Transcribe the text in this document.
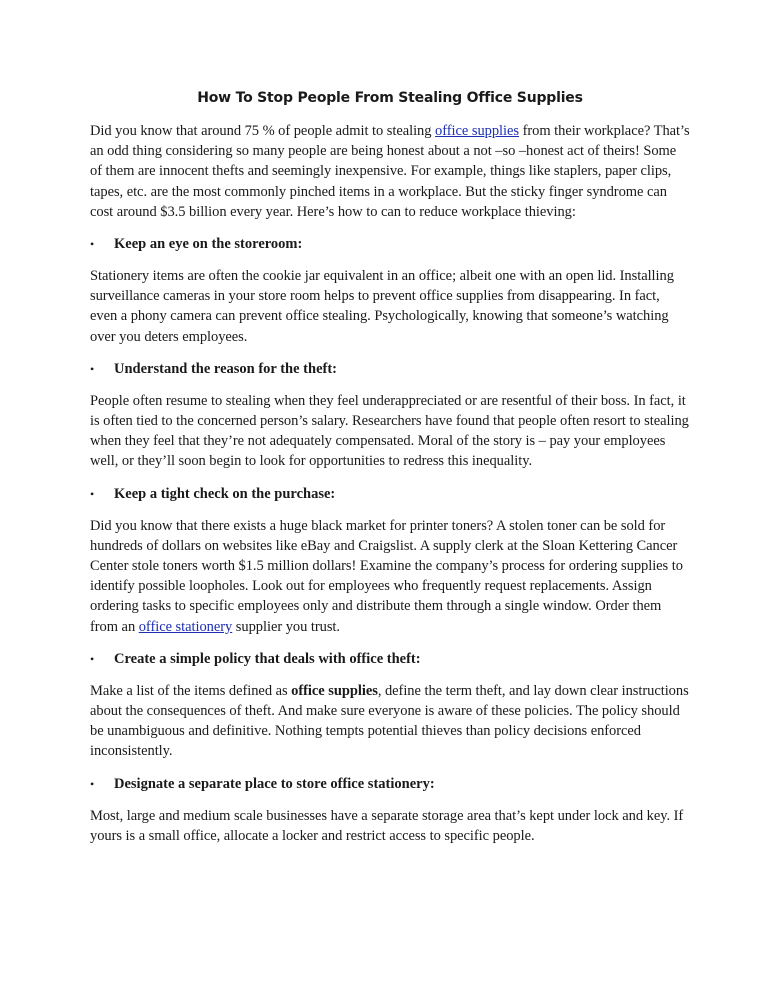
How To Stop People From Stealing Office Supplies

Did you know that around 75 % of people admit to stealing office supplies from their workplace? That’s an odd thing considering so many people are being honest about a not –so –honest act of theirs! Some of them are innocent thefts and seemingly inexpensive. For example, things like staplers, paper clips, tapes, etc. are the most commonly pinched items in a workplace. But the sticky finger syndrome can cost around $3.5 billion every year. Here’s how to can to reduce workplace thieving:

•	Keep an eye on the storeroom:

Stationery items are often the cookie jar equivalent in an office; albeit one with an open lid. Installing surveillance cameras in your store room helps to prevent office supplies from disappearing. In fact, even a phony camera can prevent office stealing. Psychologically, knowing that someone’s watching over you deters employees.

•	Understand the reason for the theft:

People often resume to stealing when they feel underappreciated or are resentful of their boss. In fact, it is often tied to the concerned person’s salary. Researchers have found that people often resort to stealing when they feel that they’re not adequately compensated. Moral of the story is – pay your employees well, or they’ll soon begin to look for opportunities to redress this inequality.

•	Keep a tight check on the purchase:

Did you know that there exists a huge black market for printer toners? A stolen toner can be sold for hundreds of dollars on websites like eBay and Craigslist. A supply clerk at the Sloan Kettering Cancer Center stole toners worth $1.5 million dollars! Examine the company’s process for ordering supplies to identify possible loopholes. Look out for employees who frequently request replacements. Assign ordering tasks to specific employees only and distribute them through a single window. Order them from an office stationery supplier you trust.

•	Create a simple policy that deals with office theft:

Make a list of the items defined as office supplies, define the term theft, and lay down clear instructions about the consequences of theft. And make sure everyone is aware of these policies. The policy should be unambiguous and definitive. Nothing tempts potential thieves than policy decisions enforced inconsistently.

•	Designate a separate place to store office stationery:

Most, large and medium scale businesses have a separate storage area that’s kept under lock and key. If yours is a small office, allocate a locker and restrict access to specific people.
